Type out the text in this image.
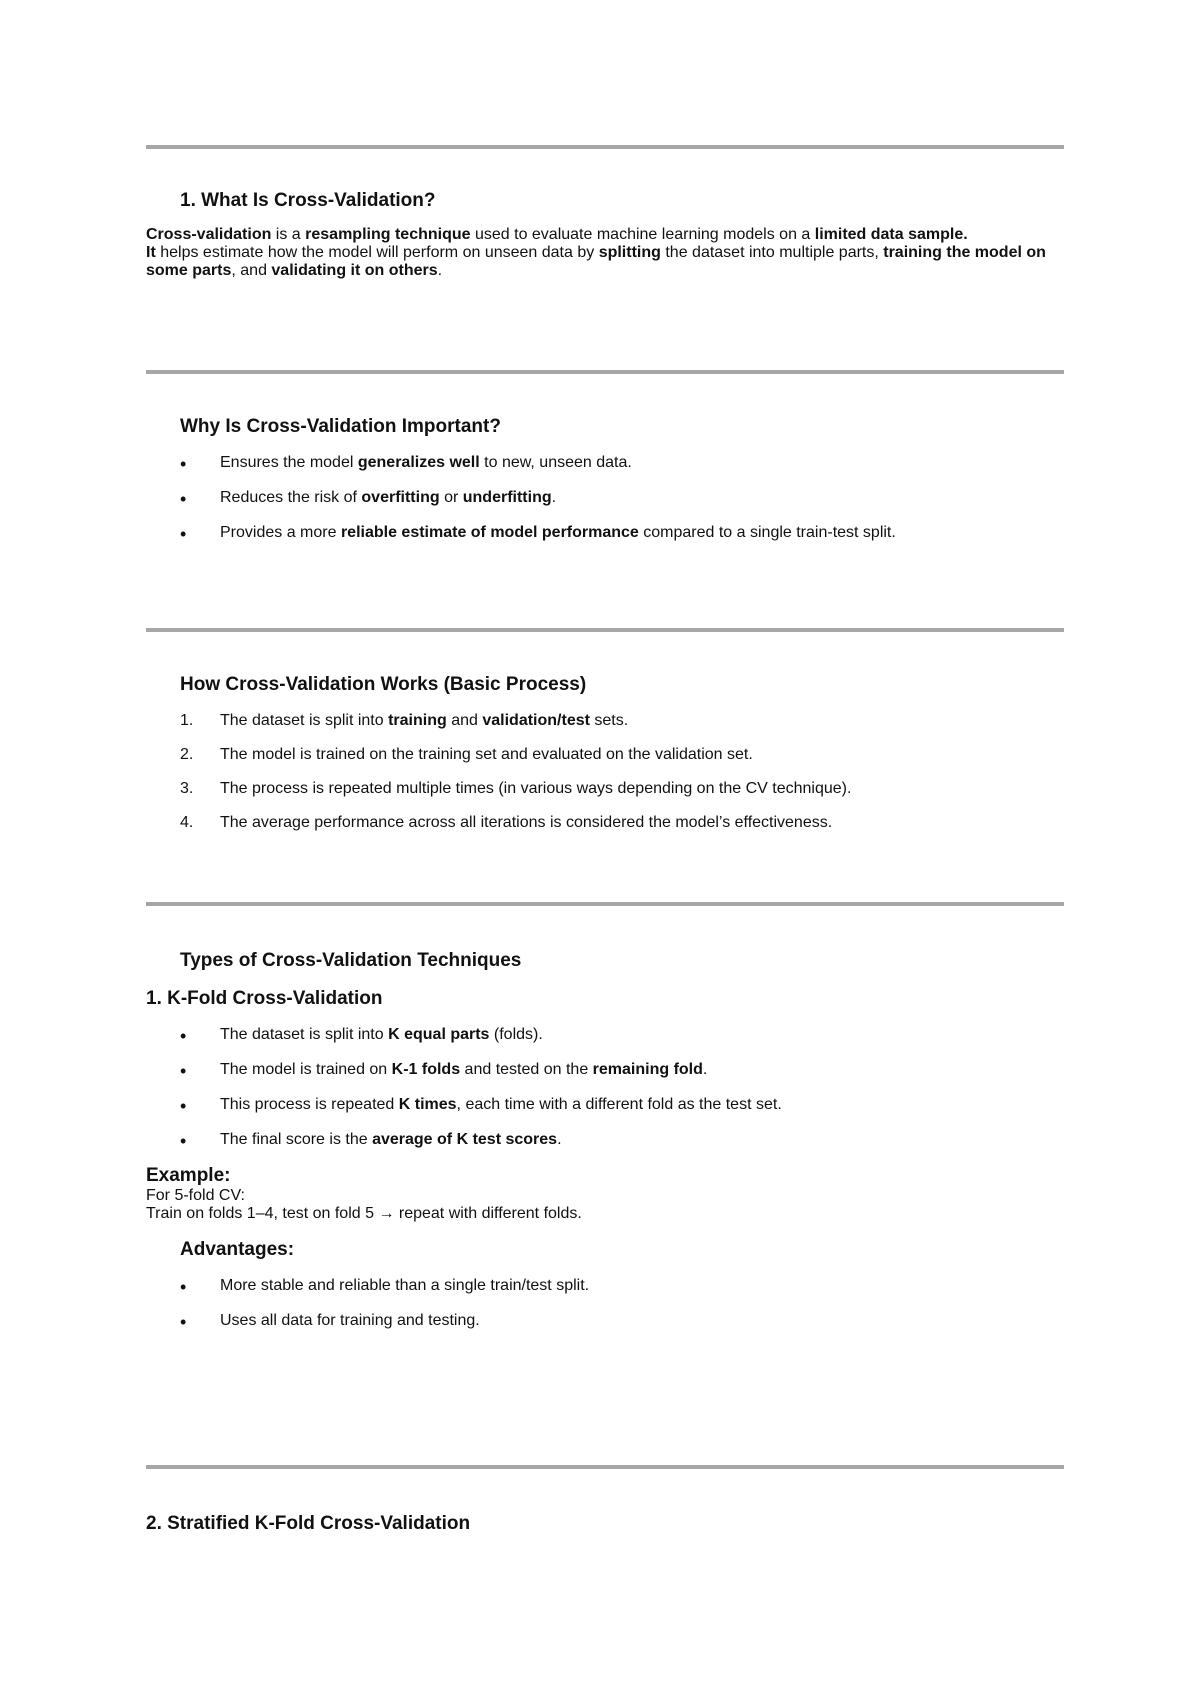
1. What Is Cross-Validation?

Cross-validation is a resampling technique used to evaluate machine learning models on a limited data sample.

It helps estimate how the model will perform on unseen data by splitting the dataset into multiple parts, training the model on some parts, and validating it on others.

Why Is Cross-Validation Important?

•	Ensures the model generalizes well to new, unseen data.
•	Reduces the risk of overfitting or underfitting.
•	Provides a more reliable estimate of model performance compared to a single train-test split.

How Cross-Validation Works (Basic Process)

1.	The dataset is split into training and validation/test sets.
2.	The model is trained on the training set and evaluated on the validation set.
3.	The process is repeated multiple times (in various ways depending on the CV technique).
4.	The average performance across all iterations is considered the model’s effectiveness.

Types of Cross-Validation Techniques

1. K-Fold Cross-Validation

•	The dataset is split into K equal parts (folds).
•	The model is trained on K-1 folds and tested on the remaining fold.
•	This process is repeated K times, each time with a different fold as the test set.
•	The final score is the average of K test scores.

Example:

For 5-fold CV:

Train on folds 1–4, test on fold 5 → repeat with different folds.

Advantages:

•	More stable and reliable than a single train/test split.
•	Uses all data for training and testing.

2. Stratified K-Fold Cross-Validation
